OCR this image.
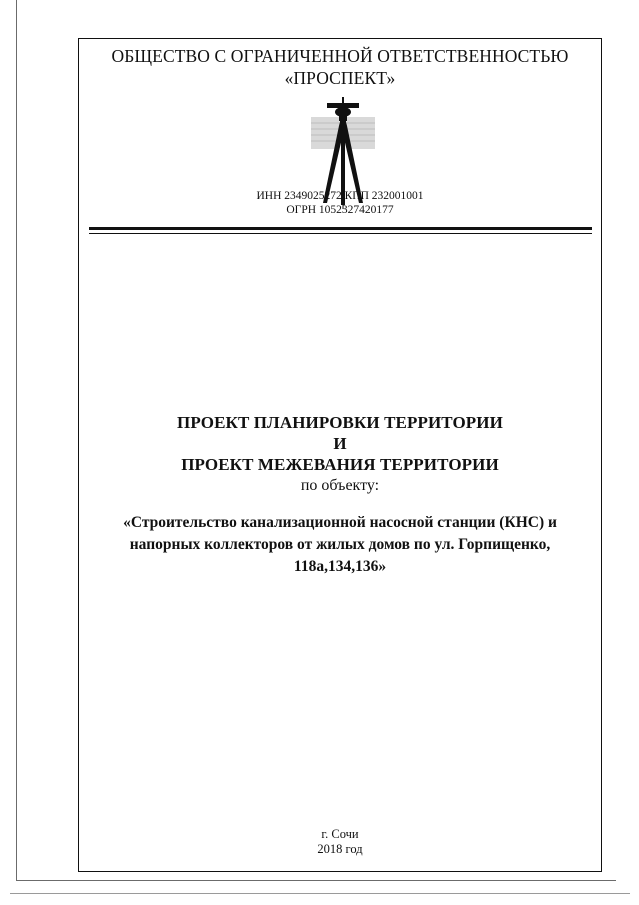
ОБЩЕСТВО С ОГРАНИЧЕННОЙ ОТВЕТСТВЕННОСТЬЮ
«ПРОСПЕКТ»
ИНН 2349025272 КПП 232001001
ОГРН 1052327420177
ПРОЕКТ ПЛАНИРОВКИ ТЕРРИТОРИИ
И
ПРОЕКТ МЕЖЕВАНИЯ ТЕРРИТОРИИ
по объекту:
«Строительство канализационной насосной станции (КНС) и
напорных коллекторов от жилых домов по ул. Горпищенко,
118а,134,136»
г. Сочи
2018 год
